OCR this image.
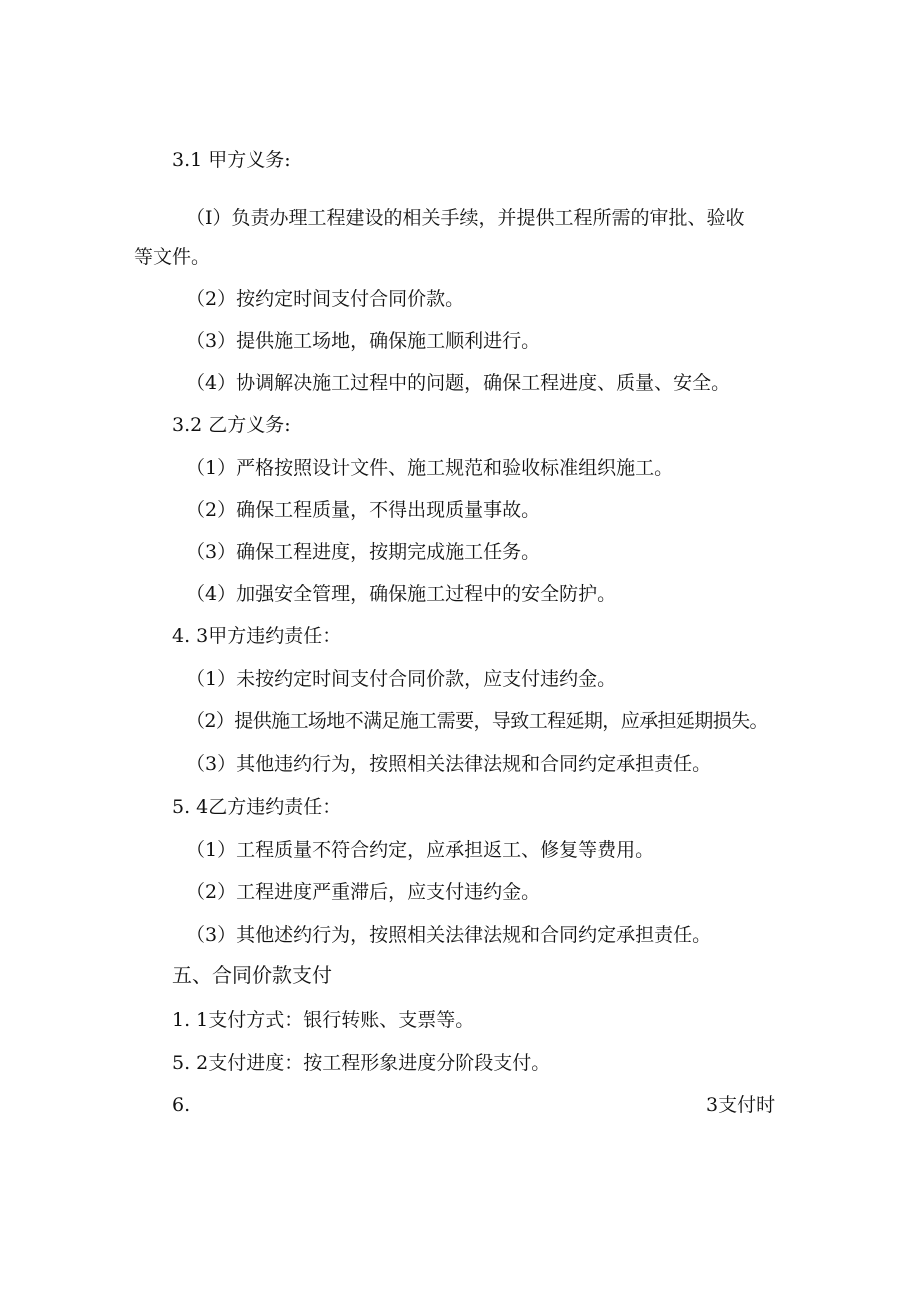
3.1 甲方义务:
（I）负责办理工程建设的相关手续，并提供工程所需的审批、验收
等文件。
（2）按约定时间支付合同价款。
（3）提供施工场地，确保施工顺利进行。
（4）协调解决施工过程中的问题，确保工程进度、质量、安全。
3.2 乙方义务:
（1）严格按照设计文件、施工规范和验收标准组织施工。
（2）确保工程质量，不得出现质量事故。
（3）确保工程进度，按期完成施工任务。
（4）加强安全管理，确保施工过程中的安全防护。
4. 3甲方违约责任：
（1）未按约定时间支付合同价款，应支付违约金。
（2）提供施工场地不满足施工需要，导致工程延期，应承担延期损失。
（3）其他违约行为，按照相关法律法规和合同约定承担责任。
5. 4乙方违约责任：
（1）工程质量不符合约定，应承担返工、修复等费用。
（2）工程进度严重滞后，应支付违约金。
（3）其他述约行为，按照相关法律法规和合同约定承担责任。
五、合同价款支付
1. 1支付方式：银行转账、支票等。
5. 2支付进度：按工程形象进度分阶段支付。
6.	3支付时
